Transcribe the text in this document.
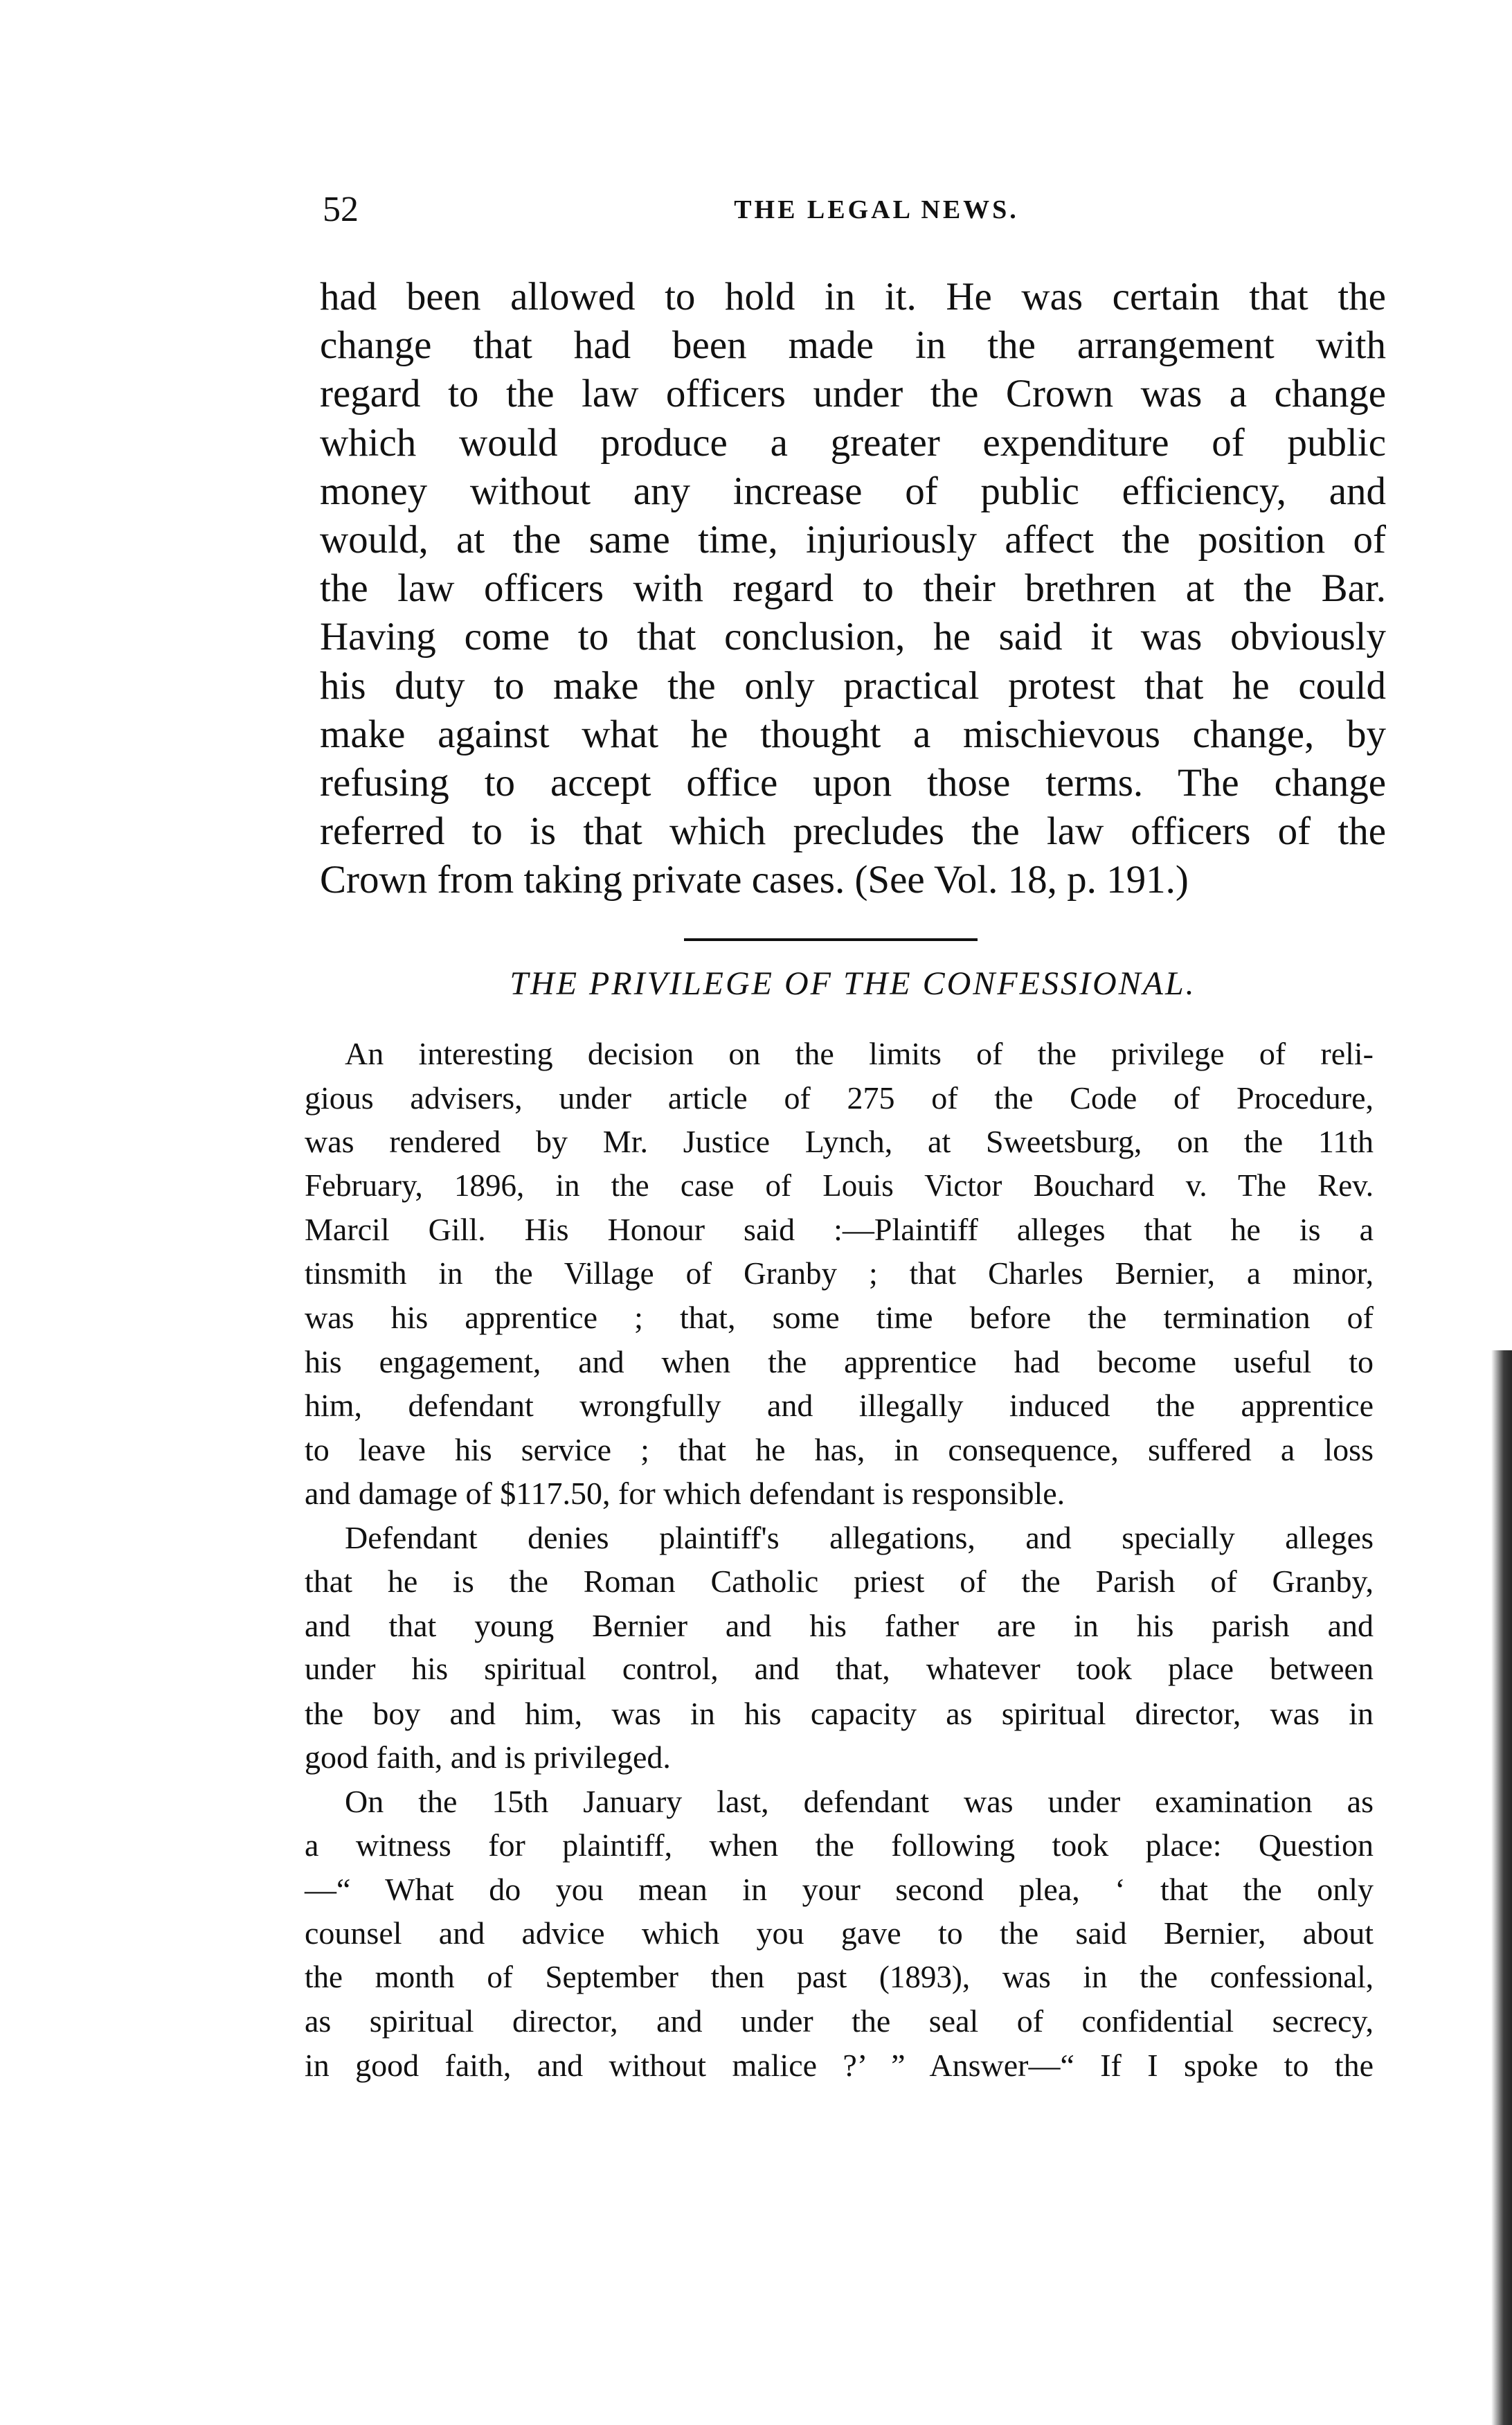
52	THE LEGAL NEWS.
had been allowed to hold in it. He was certain that the
change that had been made in the arrangement with
regard to the law officers under the Crown was a change
which would produce a greater expenditure of public
money without any increase of public efficiency, and
would, at the same time, injuriously affect the position of
the law officers with regard to their brethren at the Bar.
Having come to that conclusion, he said it was obviously
his duty to make the only practical protest that he could
make against what he thought a mischievous change, by
refusing to accept office upon those terms. The change
referred to is that which precludes the law officers of the
Crown from taking private cases. (See Vol. 18, p. 191.)
THE PRIVILEGE OF THE CONFESSIONAL.
An interesting decision on the limits of the privilege of reli-
gious advisers, under article of 275 of the Code of Procedure,
was rendered by Mr. Justice Lynch, at Sweetsburg, on the 11th
February, 1896, in the case of Louis Victor Bouchard v. The Rev.
Marcil Gill. His Honour said :—Plaintiff alleges that he is a
tinsmith in the Village of Granby ; that Charles Bernier, a minor,
was his apprentice ; that, some time before the termination of
his engagement, and when the apprentice had become useful to
him, defendant wrongfully and illegally induced the apprentice
to leave his service ; that he has, in consequence, suffered a loss
and damage of $117.50, for which defendant is responsible.
Defendant denies plaintiff's allegations, and specially alleges
that he is the Roman Catholic priest of the Parish of Granby,
and that young Bernier and his father are in his parish and
under his spiritual control, and that, whatever took place between
the boy and him, was in his capacity as spiritual director, was in
good faith, and is privileged.
On the 15th January last, defendant was under examination as
a witness for plaintiff, when the following took place: Question
—“ What do you mean in your second plea, ‘ that the only
counsel and advice which you gave to the said Bernier, about
the month of September then past (1893), was in the confessional,
as spiritual director, and under the seal of confidential secrecy,
in good faith, and without malice ?’ ” Answer—“ If I spoke to the
